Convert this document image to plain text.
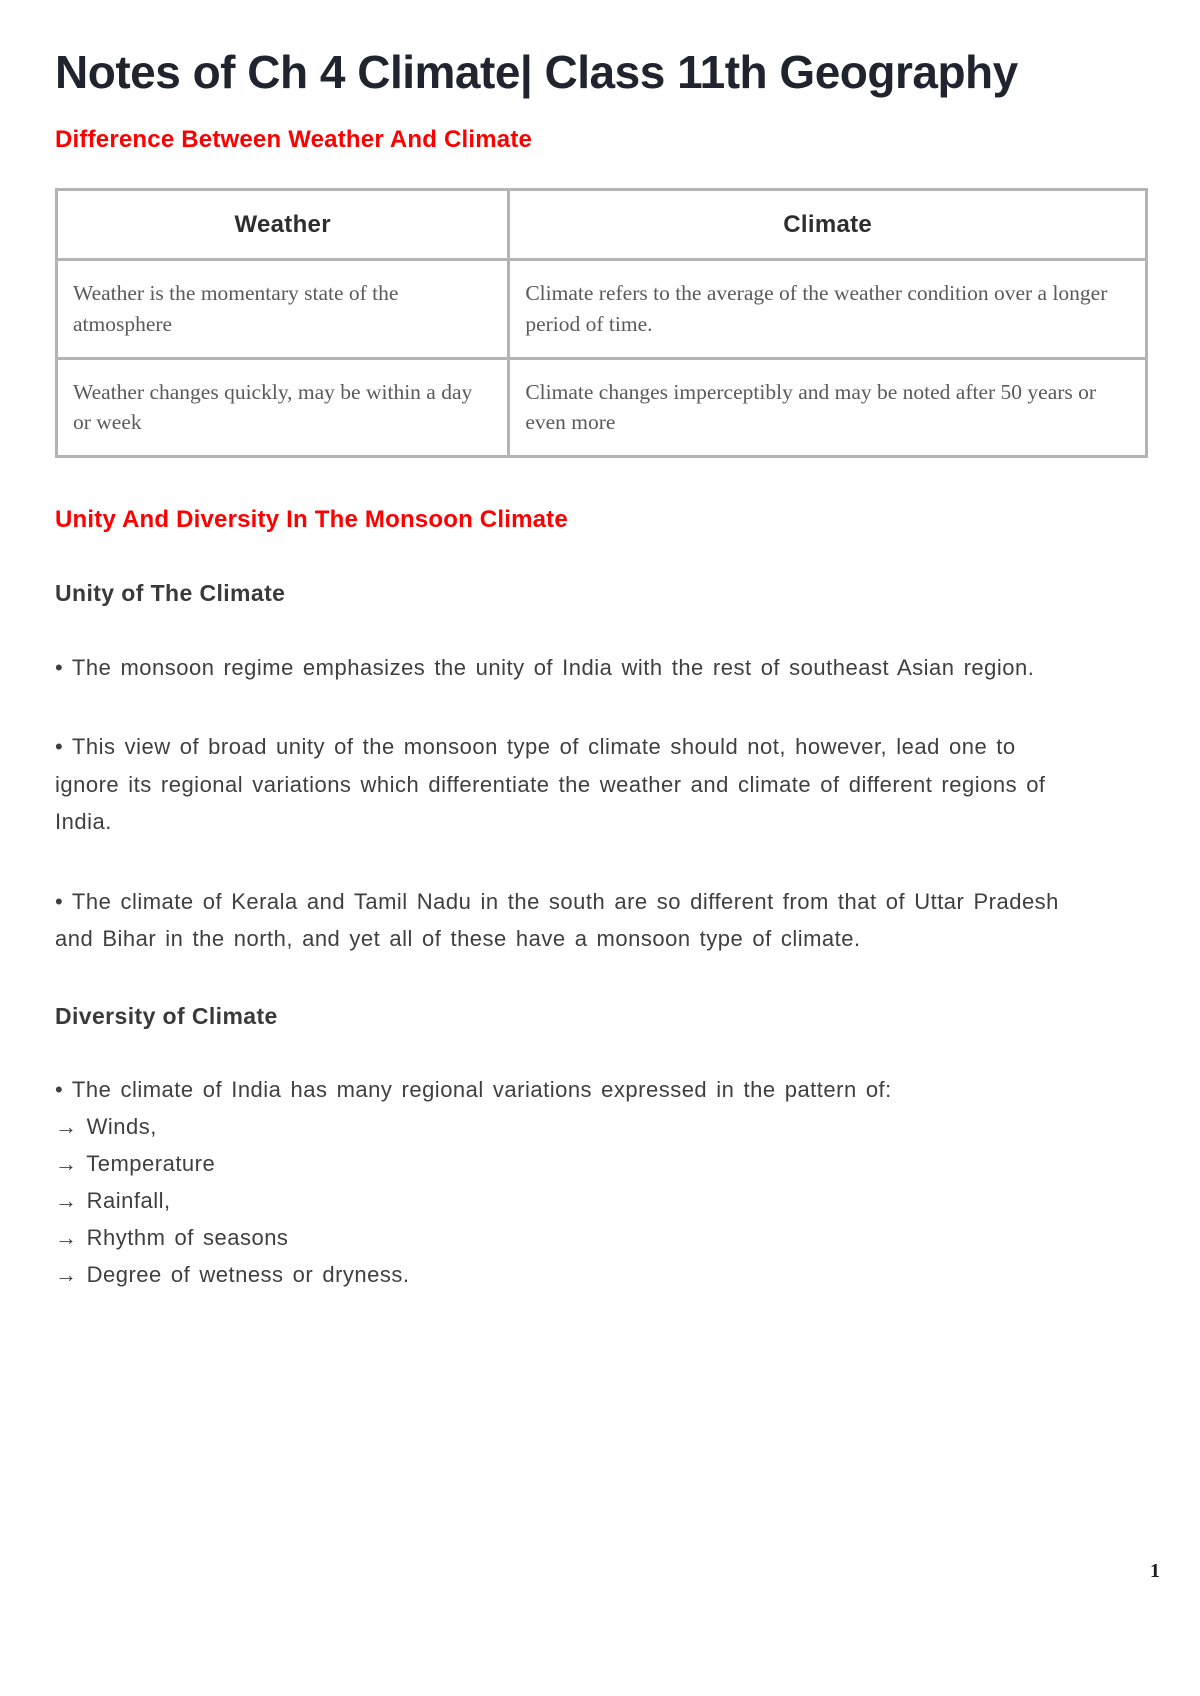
Notes of Ch 4 Climate| Class 11th Geography
Difference Between Weather And Climate
Weather	Climate
Weather is the momentary state of the atmosphere	Climate refers to the average of the weather condition over a longer period of time.
Weather changes quickly, may be within a day or week	Climate changes imperceptibly and may be noted after 50 years or even more
Unity And Diversity In The Monsoon Climate
Unity of The Climate

• The monsoon regime emphasizes the unity of India with the rest of southeast Asian region.

• This view of broad unity of the monsoon type of climate should not, however, lead one to ignore its regional variations which differentiate the weather and climate of different regions of India.

• The climate of Kerala and Tamil Nadu in the south are so different from that of Uttar Pradesh and Bihar in the north, and yet all of these have a monsoon type of climate.

Diversity of Climate
• The climate of India has many regional variations expressed in the pattern of:
→ Winds,
→ Temperature
→ Rainfall,
→ Rhythm of seasons
→ Degree of wetness or dryness.
1
